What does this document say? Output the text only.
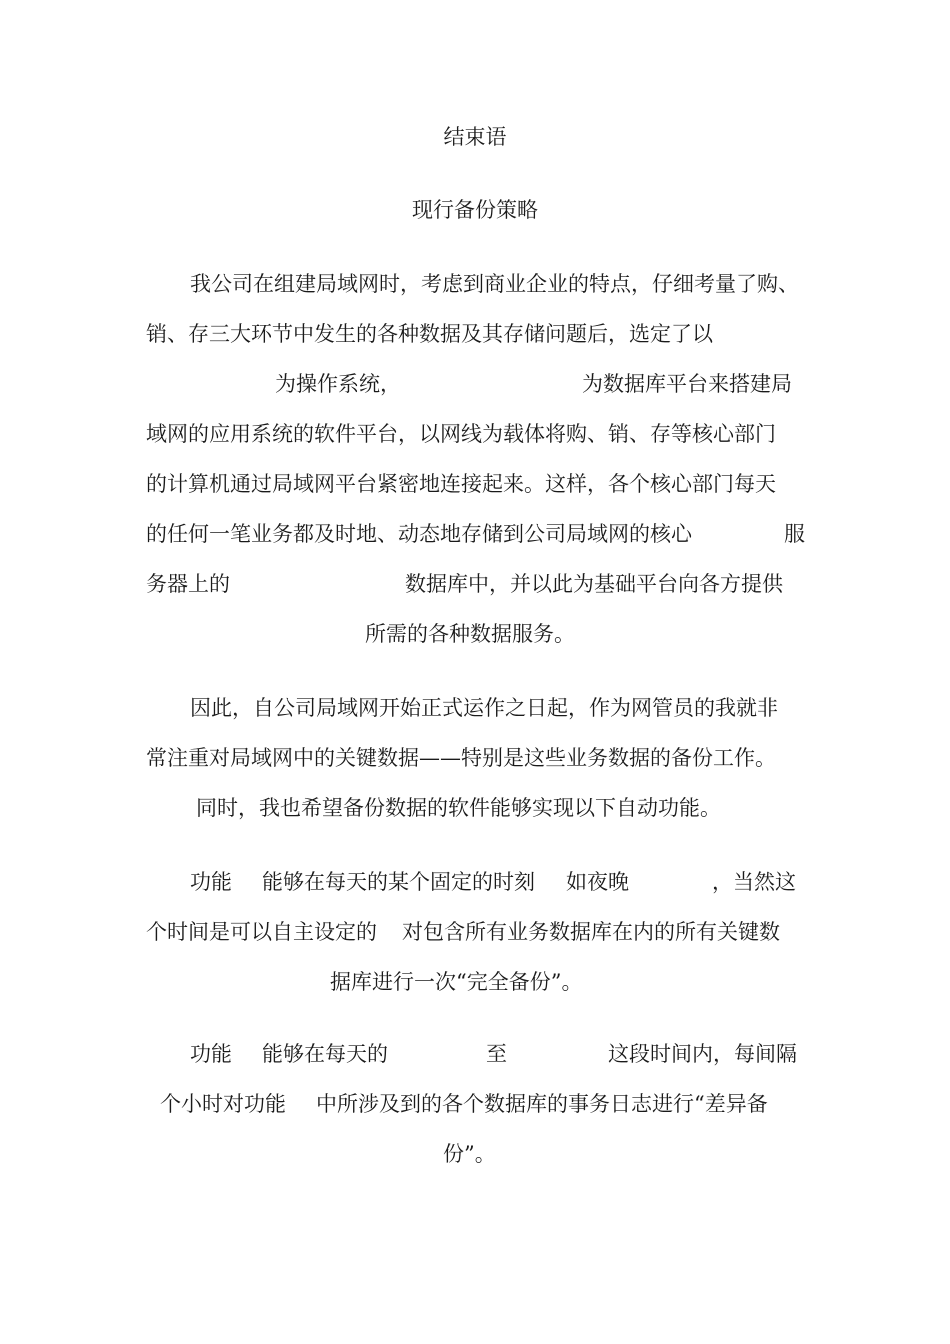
结束语
现行备份策略
我公司在组建局域网时，考虑到商业企业的特点，仔细考量了购、
销、存三大环节中发生的各种数据及其存储问题后，选定了以
为操作系统，	为数据库平台来搭建局
域网的应用系统的软件平台，以网线为载体将购、销、存等核心部门
的计算机通过局域网平台紧密地连接起来。这样，各个核心部门每天
的任何一笔业务都及时地、动态地存储到公司局域网的核心	服
务器上的	数据库中，并以此为基础平台向各方提供
所需的各种数据服务。
因此，自公司局域网开始正式运作之日起，作为网管员的我就非
常注重对局域网中的关键数据——特别是这些业务数据的备份工作。
同时，我也希望备份数据的软件能够实现以下自动功能。
功能 能够在每天的某个固定的时刻 如夜晚	，当然这
个时间是可以自主设定的 对包含所有业务数据库在内的所有关键数
据库进行一次“完全备份”。
功能 能够在每天的	至	这段时间内，每间隔
个小时对功能 中所涉及到的各个数据库的事务日志进行“差异备
份”。
